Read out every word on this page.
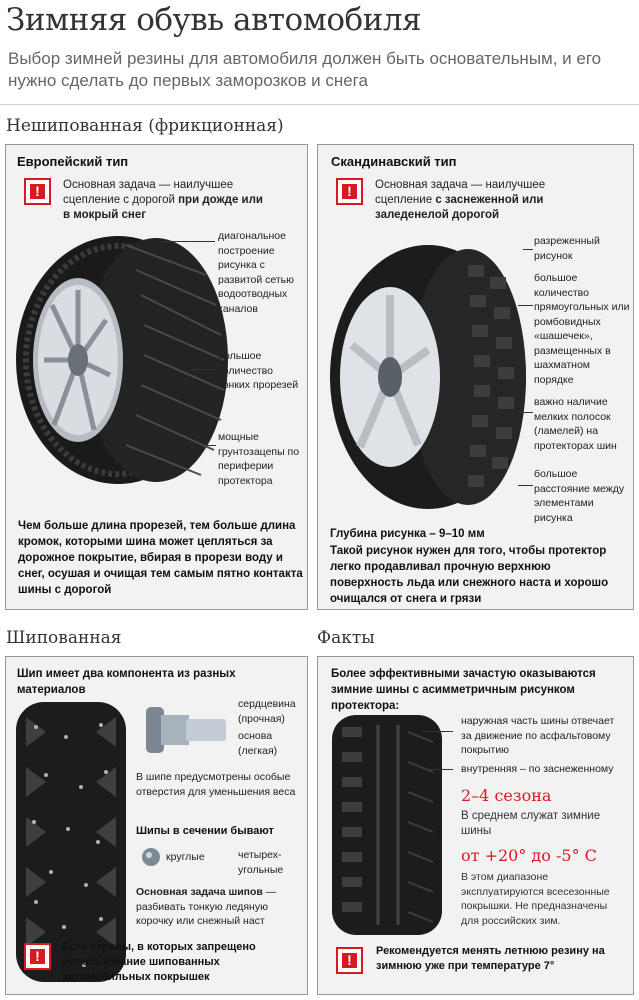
Зимняя обувь автомобиля
Выбор зимней резины для автомобиля должен быть основательным, и его нужно сделать до первых заморозков и снега
Нешипованная (фрикционная)
Европейский тип
!
Основная задача — наилучшее сцепление с дорогой при дожде или в мокрый снег
диагональное построение рисунка с развитой сетью водоотводных каналов
большое количество тонких прорезей
мощные грунтозацепы по периферии протектора
Чем больше длина прорезей, тем больше длина кромок, которыми шина может цепляться за дорожное покрытие, вбирая в прорези воду и снег, осушая и очищая тем самым пятно контакта шины с дорогой
Скандинавский тип
!
Основная задача — наилучшее сцепление с заснеженной или заледенелой дорогой
разреженный рисунок
большое количество прямоугольных или ромбовидных «шашечек», размещенных в шахматном порядке
важно наличие мелких полосок (ламелей) на протекторах шин
большое расстояние между элементами рисунка
Глубина рисунка – 9–10 мм
Такой рисунок нужен для того, чтобы протектор легко продавливал прочную верхнюю поверхность льда или снежного наста и хорошо очищался от снега и грязи
Шипованная	Факты
Шип имеет два компонента из разных материалов
сердцевина (прочная)
основа (легкая)
В шипе предусмотрены особые отверстия для уменьшения веса
Шипы в сечении бывают
круглые	четырех-угольные
Основная задача шипов — разбивать тонкую ледяную корочку или снежный наст
!
Есть страны, в которых запрещено использование шипованных автомобильных покрышек
Более эффективными зачастую оказываются зимние шины с асимметричным рисунком протектора:
наружная часть шины отвечает за движение по асфальтовому покрытию
внутренняя – по заснеженному
2–4 сезона
В среднем служат зимние шины
от +20° до -5° С
В этом диапазоне эксплуатируются всесезонные покрышки. Не предназначены для российских зим.
!
Рекомендуется менять летнюю резину на зимнюю уже при температуре 7°
